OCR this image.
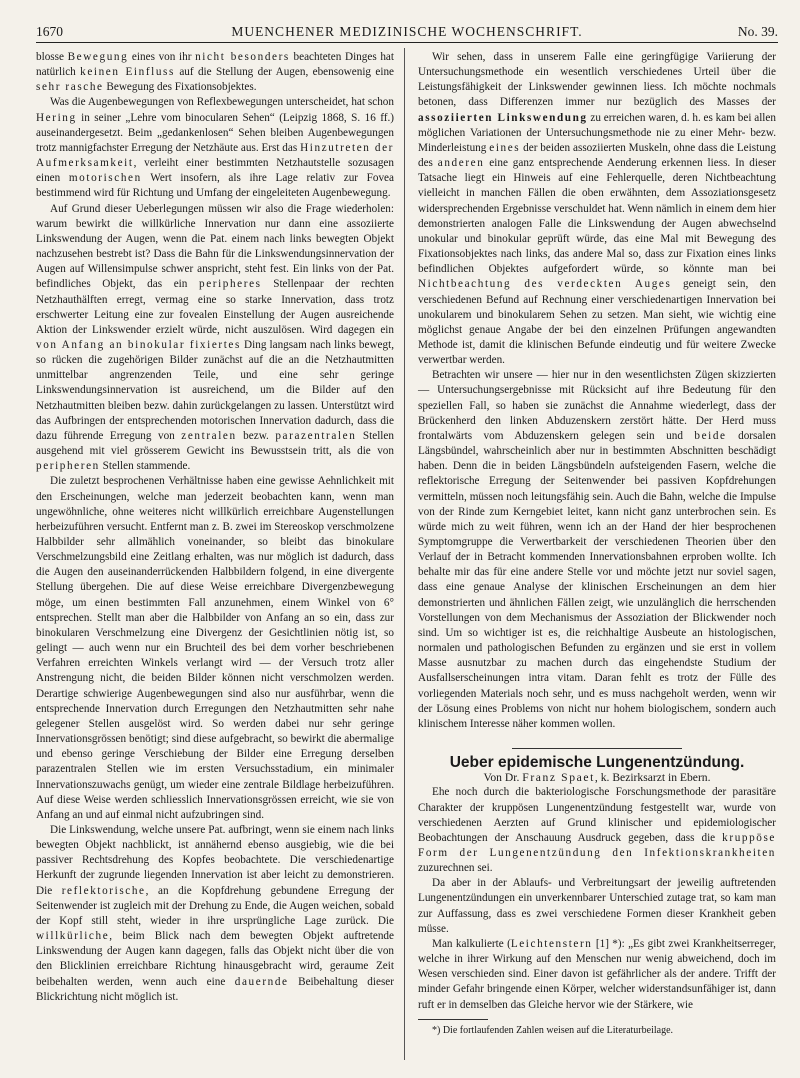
1670	MUENCHENER MEDIZINISCHE WOCHENSCHRIFT.	No. 39.

blosse Bewegung eines von ihr nicht besonders beachteten Dinges hat natürlich keinen Einfluss auf die Stellung der Augen, ebensowenig eine sehr rasche Bewegung des Fixationsobjektes.

Was die Augenbewegungen von Reflexbewegungen unterscheidet, hat schon Hering in seiner „Lehre vom binocularen Sehen“ (Leipzig 1868, S. 16 ff.) auseinandergesetzt. Beim „gedankenlosen“ Sehen bleiben Augenbewegungen trotz mannigfachster Erregung der Netzhäute aus. Erst das Hinzutreten der Aufmerksamkeit, verleiht einer bestimmten Netzhautstelle sozusagen einen motorischen Wert insofern, als ihre Lage relativ zur Fovea bestimmend wird für Richtung und Umfang der eingeleiteten Augenbewegung.

Auf Grund dieser Ueberlegungen müssen wir also die Frage wiederholen: warum bewirkt die willkürliche Innervation nur dann eine assoziierte Linkswendung der Augen, wenn die Pat. einem nach links bewegten Objekt nachzusehen bestrebt ist? Dass die Bahn für die Linkswendungsinnervation der Augen auf Willensimpulse schwer anspricht, steht fest. Ein links von der Pat. befindliches Objekt, das ein peripheres Stellenpaar der rechten Netzhauthälften erregt, vermag eine so starke Innervation, dass trotz erschwerter Leitung eine zur fovealen Einstellung der Augen ausreichende Aktion der Linkswender erzielt würde, nicht auszulösen. Wird dagegen ein von Anfang an binokular fixiertes Ding langsam nach links bewegt, so rücken die zugehörigen Bilder zunächst auf die an die Netzhautmitten unmittelbar angrenzenden Teile, und eine sehr geringe Linkswendungsinnervation ist ausreichend, um die Bilder auf den Netzhautmitten bleiben bezw. dahin zurückgelangen zu lassen. Unterstützt wird das Aufbringen der entsprechenden motorischen Innervation dadurch, dass die dazu führende Erregung von zentralen bezw. parazentralen Stellen ausgehend mit viel grösserem Gewicht ins Bewusstsein tritt, als die von peripheren Stellen stammende.

Die zuletzt besprochenen Verhältnisse haben eine gewisse Aehnlichkeit mit den Erscheinungen, welche man jederzeit beobachten kann, wenn man ungewöhnliche, ohne weiteres nicht willkürlich erreichbare Augenstellungen herbeizuführen versucht. Entfernt man z. B. zwei im Stereoskop verschmolzene Halbbilder sehr allmählich voneinander, so bleibt das binokulare Verschmelzungsbild eine Zeitlang erhalten, was nur möglich ist dadurch, dass die Augen den auseinanderrückenden Halbbildern folgend, in eine divergente Stellung übergehen. Die auf diese Weise erreichbare Divergenzbewegung möge, um einen bestimmten Fall anzunehmen, einem Winkel von 6° entsprechen. Stellt man aber die Halbbilder von Anfang an so ein, dass zur binokularen Verschmelzung eine Divergenz der Gesichtlinien nötig ist, so gelingt — auch wenn nur ein Bruchteil des bei dem vorher beschriebenen Verfahren erreichten Winkels verlangt wird — der Versuch trotz aller Anstrengung nicht, die beiden Bilder können nicht verschmolzen werden. Derartige schwierige Augenbewegungen sind also nur ausführbar, wenn die entsprechende Innervation durch Erregungen den Netzhautmitten sehr nahe gelegener Stellen ausgelöst wird. So werden dabei nur sehr geringe Innervationsgrössen benötigt; sind diese aufgebracht, so bewirkt die abermalige und ebenso geringe Verschiebung der Bilder eine Erregung derselben parazentralen Stellen wie im ersten Versuchsstadium, ein minimaler Innervationszuwachs genügt, um wieder eine zentrale Bildlage herbeizuführen. Auf diese Weise werden schliesslich Innervationsgrössen erreicht, wie sie von Anfang an und auf einmal nicht aufzubringen sind.

Die Linkswendung, welche unsere Pat. aufbringt, wenn sie einem nach links bewegten Objekt nachblickt, ist annähernd ebenso ausgiebig, wie die bei passiver Rechtsdrehung des Kopfes beobachtete. Die verschiedenartige Herkunft der zugrunde liegenden Innervation ist aber leicht zu demonstrieren. Die reflektorische, an die Kopfdrehung gebundene Erregung der Seitenwender ist zugleich mit der Drehung zu Ende, die Augen weichen, sobald der Kopf still steht, wieder in ihre ursprüngliche Lage zurück. Die willkürliche, beim Blick nach dem bewegten Objekt auftretende Linkswendung der Augen kann dagegen, falls das Objekt nicht über die von den Blicklinien erreichbare Richtung hinausgebracht wird, geraume Zeit beibehalten werden, wenn auch eine dauernde Beibehaltung dieser Blickrichtung nicht möglich ist.

Wir sehen, dass in unserem Falle eine geringfügige Variierung der Untersuchungsmethode ein wesentlich verschiedenes Urteil über die Leistungsfähigkeit der Linkswender gewinnen liess. Ich möchte nochmals betonen, dass Differenzen immer nur bezüglich des Masses der assoziierten Linkswendung zu erreichen waren, d. h. es kam bei allen möglichen Variationen der Untersuchungsmethode nie zu einer Mehr- bezw. Minderleistung eines der beiden assoziierten Muskeln, ohne dass die Leistung des anderen eine ganz entsprechende Aenderung erkennen liess. In dieser Tatsache liegt ein Hinweis auf eine Fehlerquelle, deren Nichtbeachtung vielleicht in manchen Fällen die oben erwähnten, dem Assoziationsgesetz widersprechenden Ergebnisse verschuldet hat. Wenn nämlich in einem dem hier demonstrierten analogen Falle die Linkswendung der Augen abwechselnd unokular und binokular geprüft würde, das eine Mal mit Bewegung des Fixationsobjektes nach links, das andere Mal so, dass zur Fixation eines links befindlichen Objektes aufgefordert würde, so könnte man bei Nichtbeachtung des verdeckten Auges geneigt sein, den verschiedenen Befund auf Rechnung einer verschiedenartigen Innervation bei unokularem und binokularem Sehen zu setzen. Man sieht, wie wichtig eine möglichst genaue Angabe der bei den einzelnen Prüfungen angewandten Methode ist, damit die klinischen Befunde eindeutig und für weitere Zwecke verwertbar werden.

Betrachten wir unsere — hier nur in den wesentlichsten Zügen skizzierten — Untersuchungsergebnisse mit Rücksicht auf ihre Bedeutung für den speziellen Fall, so haben sie zunächst die Annahme wiederlegt, dass der Brückenherd den linken Abduzenskern zerstört hätte. Der Herd muss frontalwärts vom Abduzenskern gelegen sein und beide dorsalen Längsbündel, wahrscheinlich aber nur in bestimmten Abschnitten beschädigt haben. Denn die in beiden Längsbündeln aufsteigenden Fasern, welche die reflektorische Erregung der Seitenwender bei passiven Kopfdrehungen vermitteln, müssen noch leitungsfähig sein. Auch die Bahn, welche die Impulse von der Rinde zum Kerngebiet leitet, kann nicht ganz unterbrochen sein. Es würde mich zu weit führen, wenn ich an der Hand der hier besprochenen Symptomgruppe die Verwertbarkeit der verschiedenen Theorien über den Verlauf der in Betracht kommenden Innervationsbahnen erproben wollte. Ich behalte mir das für eine andere Stelle vor und möchte jetzt nur soviel sagen, dass eine genaue Analyse der klinischen Erscheinungen an dem hier demonstrierten und ähnlichen Fällen zeigt, wie unzulänglich die herrschenden Vorstellungen von dem Mechanismus der Assoziation der Blickwender noch sind. Um so wichtiger ist es, die reichhaltige Ausbeute an histologischen, normalen und pathologischen Befunden zu ergänzen und sie erst in vollem Masse ausnutzbar zu machen durch das eingehendste Studium der Ausfallserscheinungen intra vitam. Daran fehlt es trotz der Fülle des vorliegenden Materials noch sehr, und es muss nachgeholt werden, wenn wir der Lösung eines Problems von nicht nur hohem biologischem, sondern auch klinischem Interesse näher kommen wollen.

Ueber epidemische Lungenentzündung.

Von Dr. Franz Spaet, k. Bezirksarzt in Ebern.

Ehe noch durch die bakteriologische Forschungsmethode der parasitäre Charakter der kruppösen Lungenentzündung festgestellt war, wurde von verschiedenen Aerzten auf Grund klinischer und epidemiologischer Beobachtungen der Anschauung Ausdruck gegeben, dass die kruppöse Form der Lungenentzündung den Infektionskrankheiten zuzurechnen sei.

Da aber in der Ablaufs- und Verbreitungsart der jeweilig auftretenden Lungenentzündungen ein unverkennbarer Unterschied zutage trat, so kam man zur Auffassung, dass es zwei verschiedene Formen dieser Krankheit geben müsse.

Man kalkulierte (Leichtenstern [1] *): „Es gibt zwei Krankheitserreger, welche in ihrer Wirkung auf den Menschen nur wenig abweichend, doch im Wesen verschieden sind. Einer davon ist gefährlicher als der andere. Trifft der minder Gefahr bringende einen Körper, welcher widerstandsunfähiger ist, dann ruft er in demselben das Gleiche hervor wie der Stärkere, wie

*) Die fortlaufenden Zahlen weisen auf die Literaturbeilage.
